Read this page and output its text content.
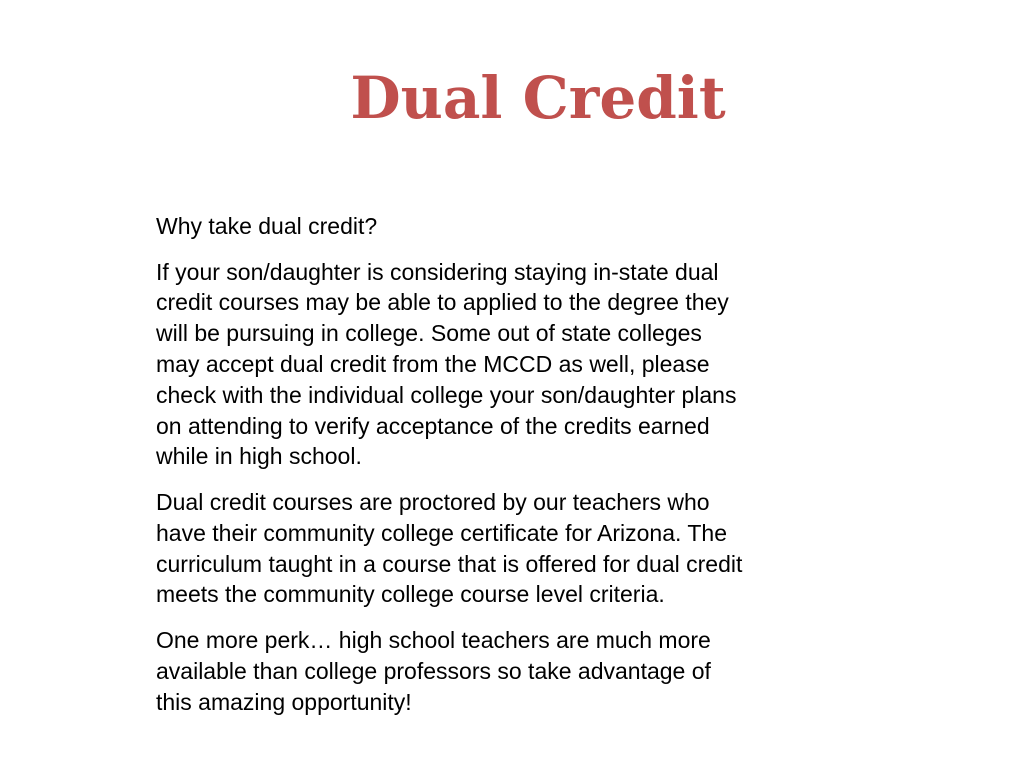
Dual Credit

Why take dual credit?

If your son/daughter is considering staying in-state dual
credit courses may be able to applied to the degree they
will be pursuing in college. Some out of state colleges
may accept dual credit from the MCCD as well, please
check with the individual college your son/daughter plans
on attending to verify acceptance of the credits earned
while in high school.

Dual credit courses are proctored by our teachers who
have their community college certificate for Arizona. The
curriculum taught in a course that is offered for dual credit
meets the community college course level criteria.

One more perk… high school teachers are much more
available than college professors so take advantage of
this amazing opportunity!
